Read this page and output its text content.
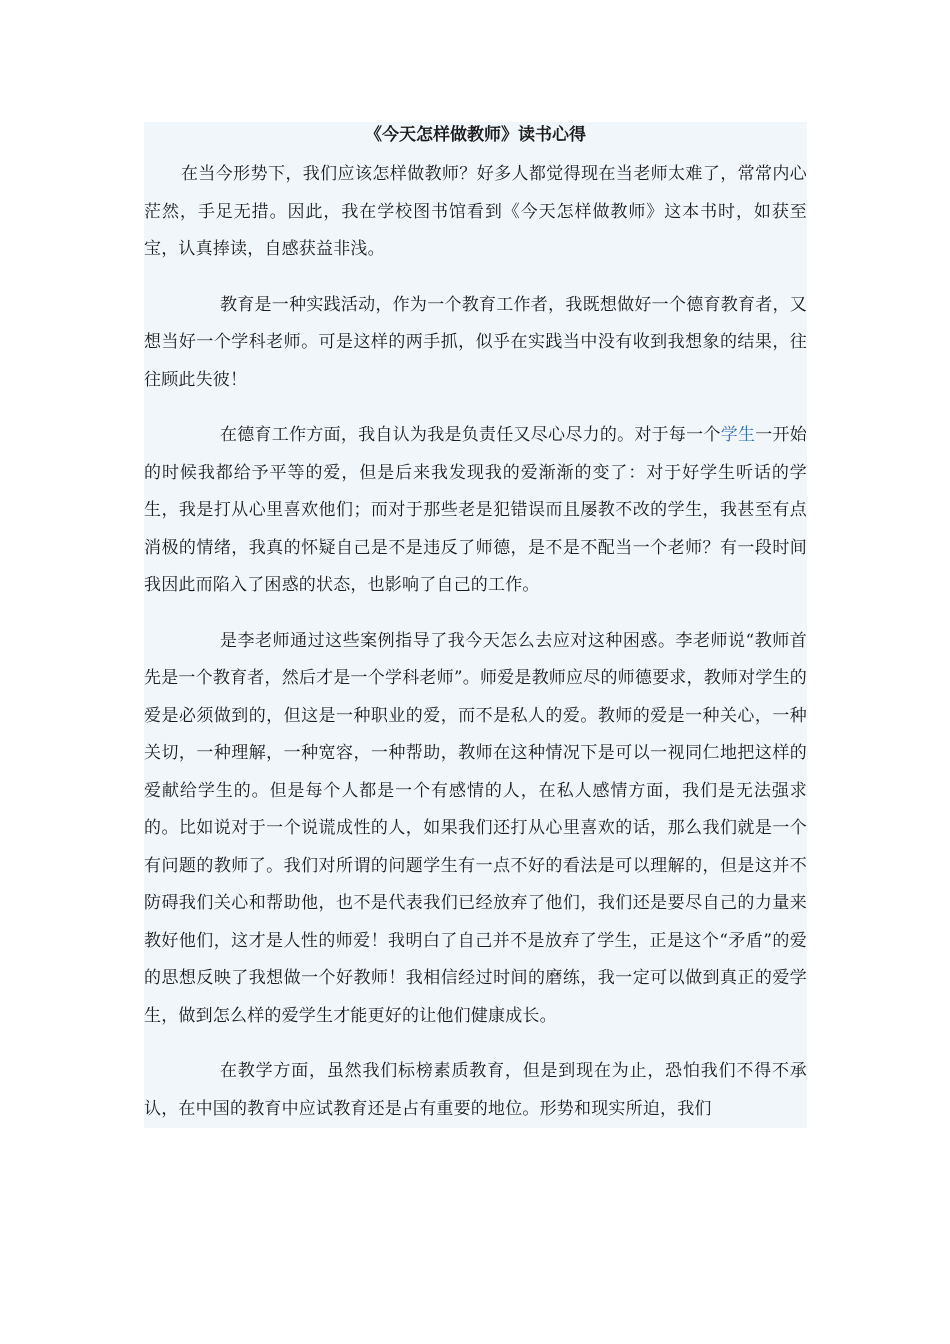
《今天怎样做教师》读书心得

在当今形势下，我们应该怎样做教师？好多人都觉得现在当老师太难了，常常内心茫然，手足无措。因此，我在学校图书馆看到《今天怎样做教师》这本书时，如获至宝，认真捧读，自感获益非浅。

教育是一种实践活动，作为一个教育工作者，我既想做好一个德育教育者，又想当好一个学科老师。可是这样的两手抓，似乎在实践当中没有收到我想象的结果，往往顾此失彼！

在德育工作方面，我自认为我是负责任又尽心尽力的。对于每一个学生一开始的时候我都给予平等的爱，但是后来我发现我的爱渐渐的变了：对于好学生听话的学生，我是打从心里喜欢他们；而对于那些老是犯错误而且屡教不改的学生，我甚至有点消极的情绪，我真的怀疑自己是不是违反了师德，是不是不配当一个老师？有一段时间我因此而陷入了困惑的状态，也影响了自己的工作。

是李老师通过这些案例指导了我今天怎么去应对这种困惑。李老师说“教师首先是一个教育者，然后才是一个学科老师”。师爱是教师应尽的师德要求，教师对学生的爱是必须做到的，但这是一种职业的爱，而不是私人的爱。教师的爱是一种关心，一种关切，一种理解，一种宽容，一种帮助，教师在这种情况下是可以一视同仁地把这样的爱献给学生的。但是每个人都是一个有感情的人，在私人感情方面，我们是无法强求的。比如说对于一个说谎成性的人，如果我们还打从心里喜欢的话，那么我们就是一个有问题的教师了。我们对所谓的问题学生有一点不好的看法是可以理解的，但是这并不防碍我们关心和帮助他，也不是代表我们已经放弃了他们，我们还是要尽自己的力量来教好他们，这才是人性的师爱！我明白了自己并不是放弃了学生，正是这个“矛盾”的爱的思想反映了我想做一个好教师！我相信经过时间的磨练，我一定可以做到真正的爱学生，做到怎么样的爱学生才能更好的让他们健康成长。

在教学方面，虽然我们标榜素质教育，但是到现在为止，恐怕我们不得不承认，在中国的教育中应试教育还是占有重要的地位。形势和现实所迫，我们
